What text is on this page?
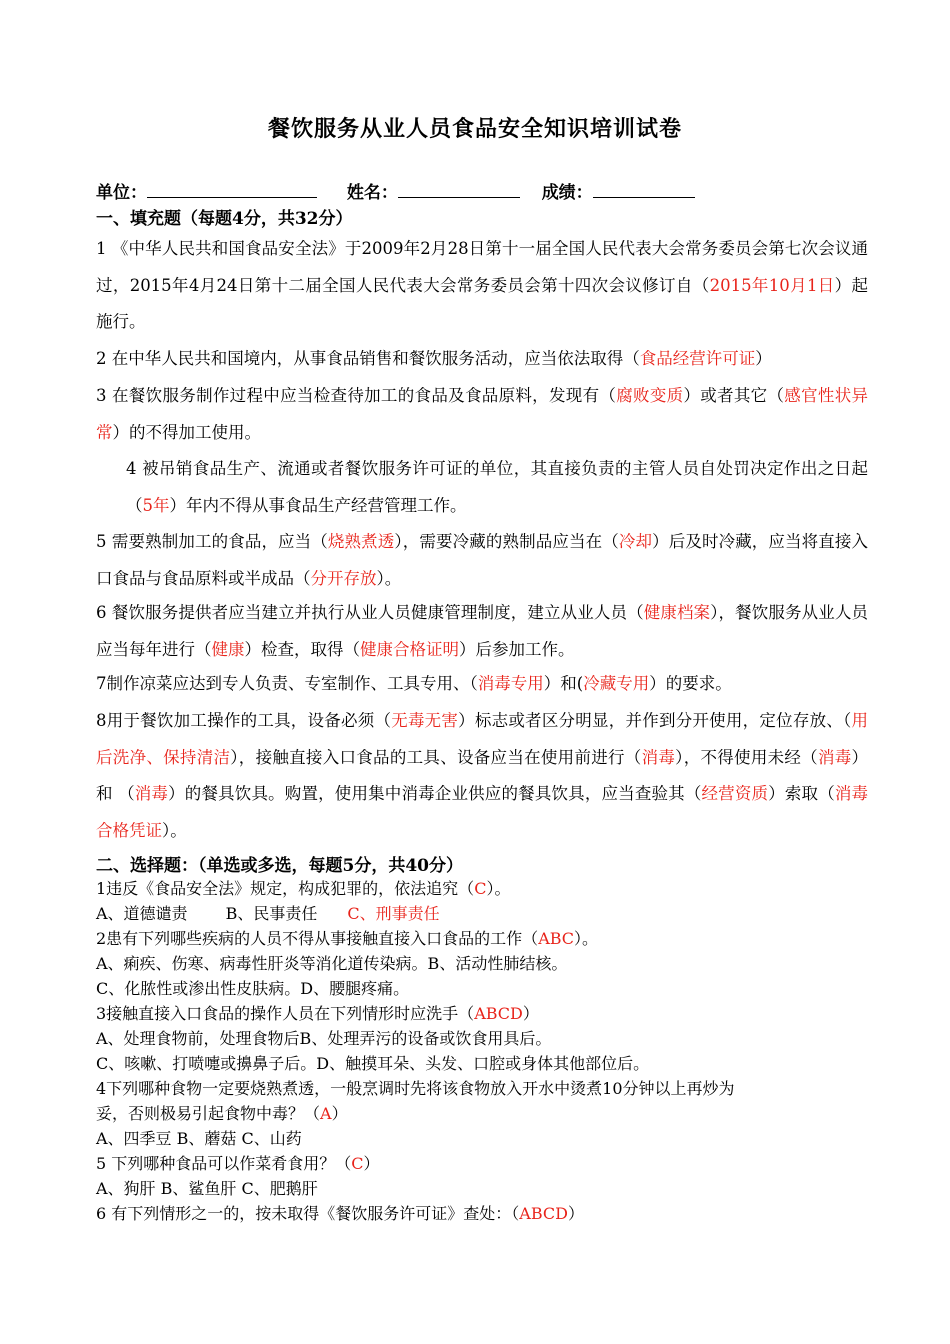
餐饮服务从业人员食品安全知识培训试卷
单位：	姓名：	成绩：
一、填充题（每题4分，共32分）
1 《中华人民共和国食品安全法》于2009年2月28日第十一届全国人民代表大会常务委员会第七次会议通过，2015年4月24日第十二届全国人民代表大会常务委员会第十四次会议修订自（2015年10月1日）起施行。
2 在中华人民共和国境内，从事食品销售和餐饮服务活动，应当依法取得（食品经营许可证）
3 在餐饮服务制作过程中应当检查待加工的食品及食品原料，发现有（腐败变质）或者其它（感官性状异常）的不得加工使用。
4 被吊销食品生产、流通或者餐饮服务许可证的单位，其直接负责的主管人员自处罚决定作出之日起（5年）年内不得从事食品生产经营管理工作。
5 需要熟制加工的食品，应当（烧熟煮透），需要冷藏的熟制品应当在（冷却）后及时冷藏，应当将直接入口食品与食品原料或半成品（分开存放）。
6 餐饮服务提供者应当建立并执行从业人员健康管理制度，建立从业人员（健康档案），餐饮服务从业人员应当每年进行（健康）检查，取得（健康合格证明）后参加工作。
7制作凉菜应达到专人负责、专室制作、工具专用、（消毒专用）和(冷藏专用）的要求。
8用于餐饮加工操作的工具，设备必须（无毒无害）标志或者区分明显，并作到分开使用，定位存放、（用后洗净、保持清洁），接触直接入口食品的工具、设备应当在使用前进行（消毒），不得使用未经（消毒）和 （消毒）的餐具饮具。购置，使用集中消毒企业供应的餐具饮具，应当查验其（经营资质）索取（消毒合格凭证）。
二、选择题：（单选或多选，每题5分，共40分）
1违反《食品安全法》规定，构成犯罪的，依法追究（C）。
A、道德谴责 B、民事责任 C、刑事责任
2患有下列哪些疾病的人员不得从事接触直接入口食品的工作（ABC）。
A、痢疾、伤寒、病毒性肝炎等消化道传染病。B、活动性肺结核。
C、化脓性或渗出性皮肤病。D、腰腿疼痛。
3接触直接入口食品的操作人员在下列情形时应洗手（ABCD）
A、处理食物前，处理食物后B、处理弄污的设备或饮食用具后。
C、咳嗽、打喷嚏或擤鼻子后。D、触摸耳朵、头发、口腔或身体其他部位后。
4下列哪种食物一定要烧熟煮透，一般烹调时先将该食物放入开水中烫煮10分钟以上再炒为
妥，否则极易引起食物中毒？（A）
A、四季豆 B、蘑菇 C、山药
5 下列哪种食品可以作菜肴食用？（C）
A、狗肝 B、鲨鱼肝 C、肥鹅肝
6 有下列情形之一的，按未取得《餐饮服务许可证》查处：（ABCD）
